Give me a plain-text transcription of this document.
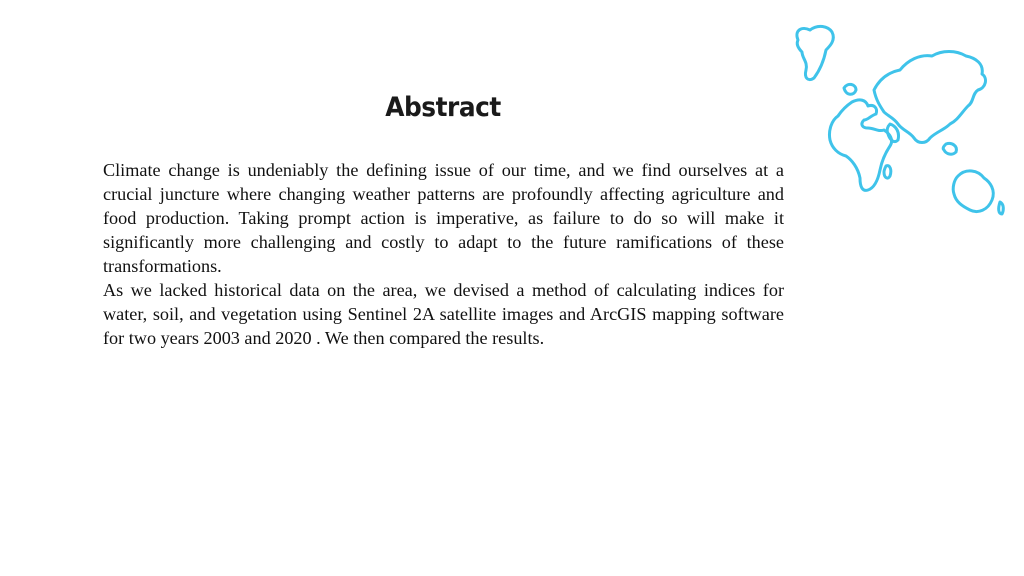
Abstract

Climate change is undeniably the defining issue of our time, and we find ourselves at a crucial juncture where changing weather patterns are profoundly affecting agriculture and food production. Taking prompt action is imperative, as failure to do so will make it significantly more challenging and costly to adapt to the future ramifications of these transformations.

As we lacked historical data on the area, we devised a method of calculating indices for water, soil, and vegetation using Sentinel 2A satellite images and ArcGIS mapping software for two years 2003 and 2020 . We then compared the results.
